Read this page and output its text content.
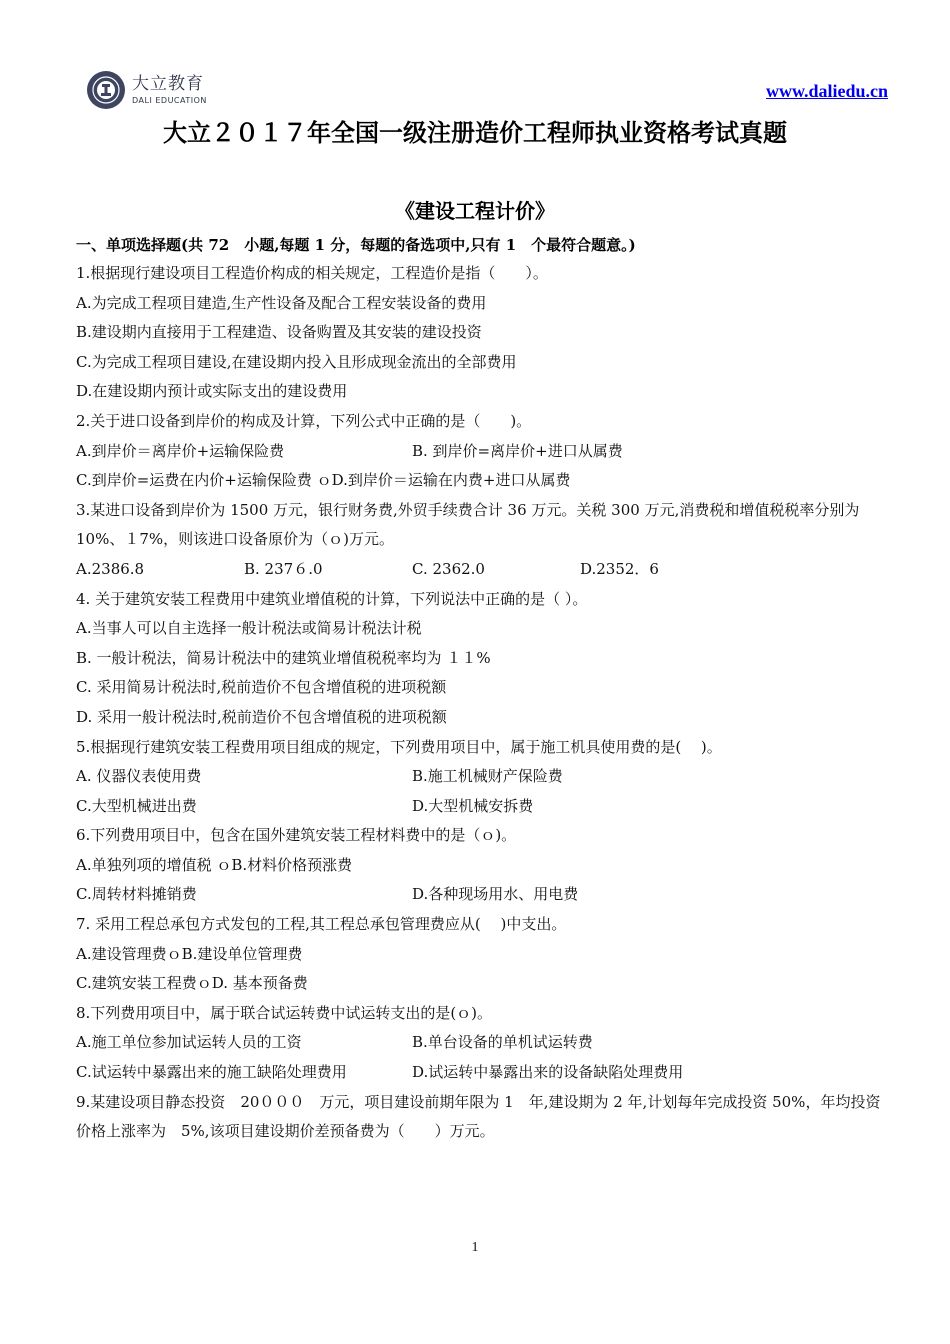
大立教育
DALI EDUCATION	www.daliedu.cn
大立２０１７年全国一级注册造价工程师执业资格考试真题
《建设工程计价》
一、单项选择题(共 72　小题,每题 1 分，每题的备选项中,只有 1　个最符合题意。)
1.根据现行建设项目工程造价构成的相关规定，工程造价是指（　　）。
A.为完成工程项目建造,生产性设备及配合工程安装设备的费用
B.建设期内直接用于工程建造、设备购置及其安装的建设投资
C.为完成工程项目建设,在建设期内投入且形成现金流出的全部费用
D.在建设期内预计或实际支出的建设费用
2.关于进口设备到岸价的构成及计算，下列公式中正确的是（　　)。
A.到岸价＝离岸价+运输保险费	B. 到岸价=离岸价+进口从属费
C.到岸价=运费在内价+运输保险费 ｏD.到岸价＝运输在内费+进口从属费
3.某进口设备到岸价为 1500 万元，银行财务费,外贸手续费合计 36 万元。关税 300 万元,消费税和增值税税率分别为 10%、１7%，则该进口设备原价为（ｏ)万元。
A.2386.8	B. 237６.0	C. 2362.0	D.2352．6
4. 关于建筑安装工程费用中建筑业增值税的计算，下列说法中正确的是（ ）。
A.当事人可以自主选择一般计税法或简易计税法计税
B. 一般计税法，简易计税法中的建筑业增值税税率均为 １１%
C. 采用简易计税法时,税前造价不包含增值税的进项税额
D. 采用一般计税法时,税前造价不包含增值税的进项税额
5.根据现行建筑安装工程费用项目组成的规定，下列费用项目中，属于施工机具使用费的是(　 )。
A. 仪器仪表使用费	B.施工机械财产保险费
C.大型机械进出费	D.大型机械安拆费
6.下列费用项目中，包含在国外建筑安装工程材料费中的是（ｏ)。
A.单独列项的增值税 ｏB.材料价格预涨费
C.周转材料摊销费	D.各种现场用水、用电费
7. 采用工程总承包方式发包的工程,其工程总承包管理费应从(　 )中支出。
A.建设管理费ｏB.建设单位管理费
C.建筑安装工程费ｏD. 基本预备费
8.下列费用项目中，属于联合试运转费中试运转支出的是(ｏ)。
A.施工单位参加试运转人员的工资	B.单台设备的单机试运转费
C.试运转中暴露出来的施工缺陷处理费用	D.试运转中暴露出来的设备缺陷处理费用
9.某建设项目静态投资　20０００　万元，项目建设前期年限为 1　年,建设期为 2 年,计划每年完成投资 50%，年均投资价格上涨率为　5%,该项目建设期价差预备费为（　　）万元。
1
